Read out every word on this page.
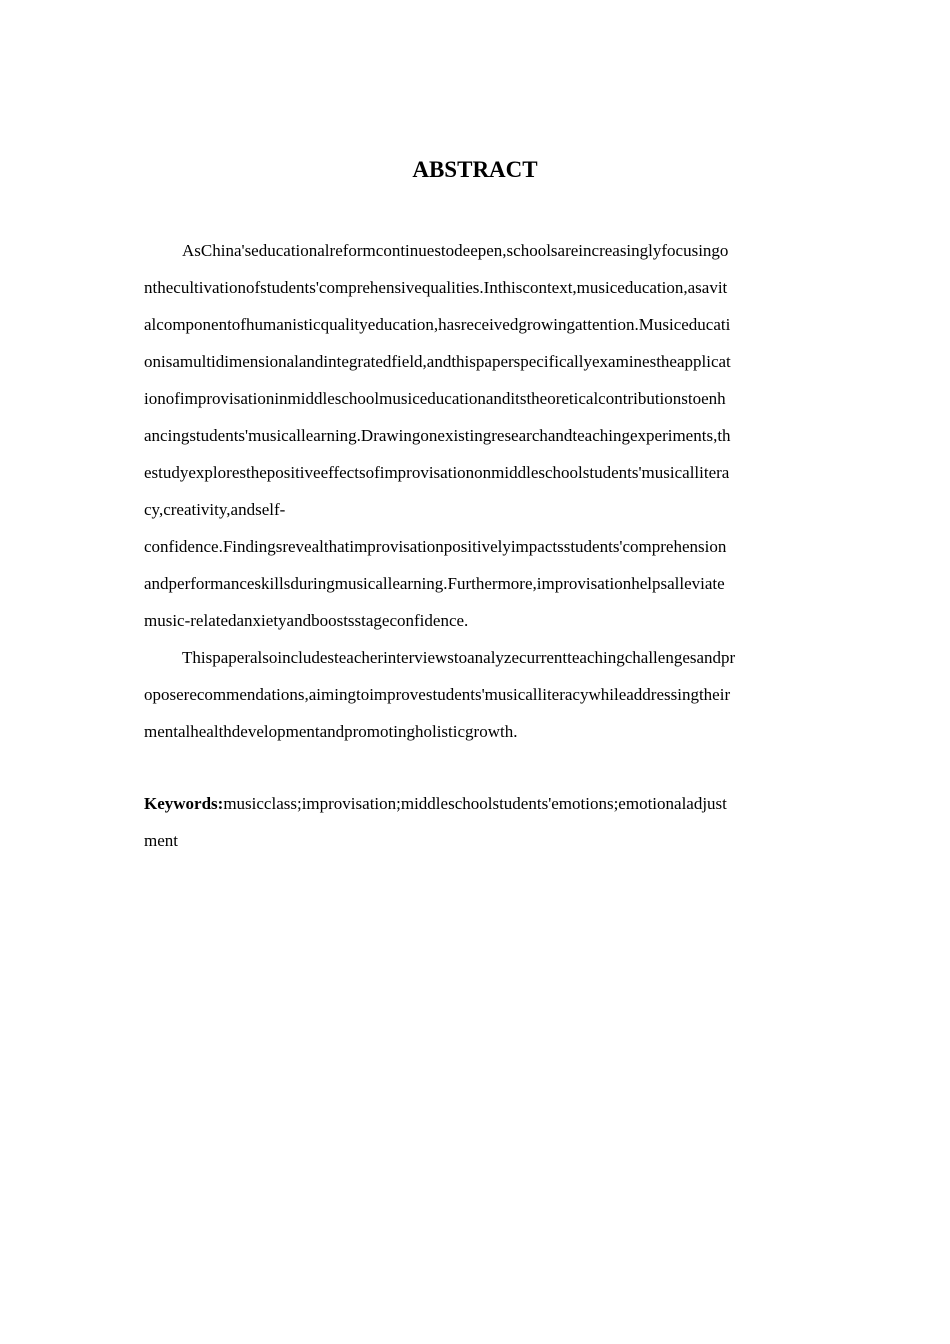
ABSTRACT
AsChina'seducationalreformcontinuestodeepen,schoolsareincreasinglyfocusingo
nthecultivationofstudents'comprehensivequalities.Inthiscontext,musiceducation,asavit
alcomponentofhumanisticqualityeducation,hasreceivedgrowingattention.Musiceducati
onisamultidimensionalandintegratedfield,andthispaperspecificallyexaminestheapplicat
ionofimprovisationinmiddleschoolmusiceducationanditstheoreticalcontributionstoenh
ancingstudents'musicallearning.Drawingonexistingresearchandteachingexperiments,th
estudyexploresthepositiveeffectsofimprovisationonmiddleschoolstudents'musicallitera
cy,creativity,andself-
confidence.Findingsrevealthatimprovisationpositivelyimpactsstudents'comprehension
andperformanceskillsduringmusicallearning.Furthermore,improvisationhelpsalleviate
music-relatedanxietyandboostsstageconfidence.
Thispaperalsoincludesteacherinterviewstoanalyzecurrentteachingchallengesandpr
oposerecommendations,aimingtoimprovestudents'musicalliteracywhileaddressingtheir
mentalhealthdevelopmentandpromotingholisticgrowth.
Keywords:musicclass;improvisation;middleschoolstudents'emotions;emotionaladjust
ment
